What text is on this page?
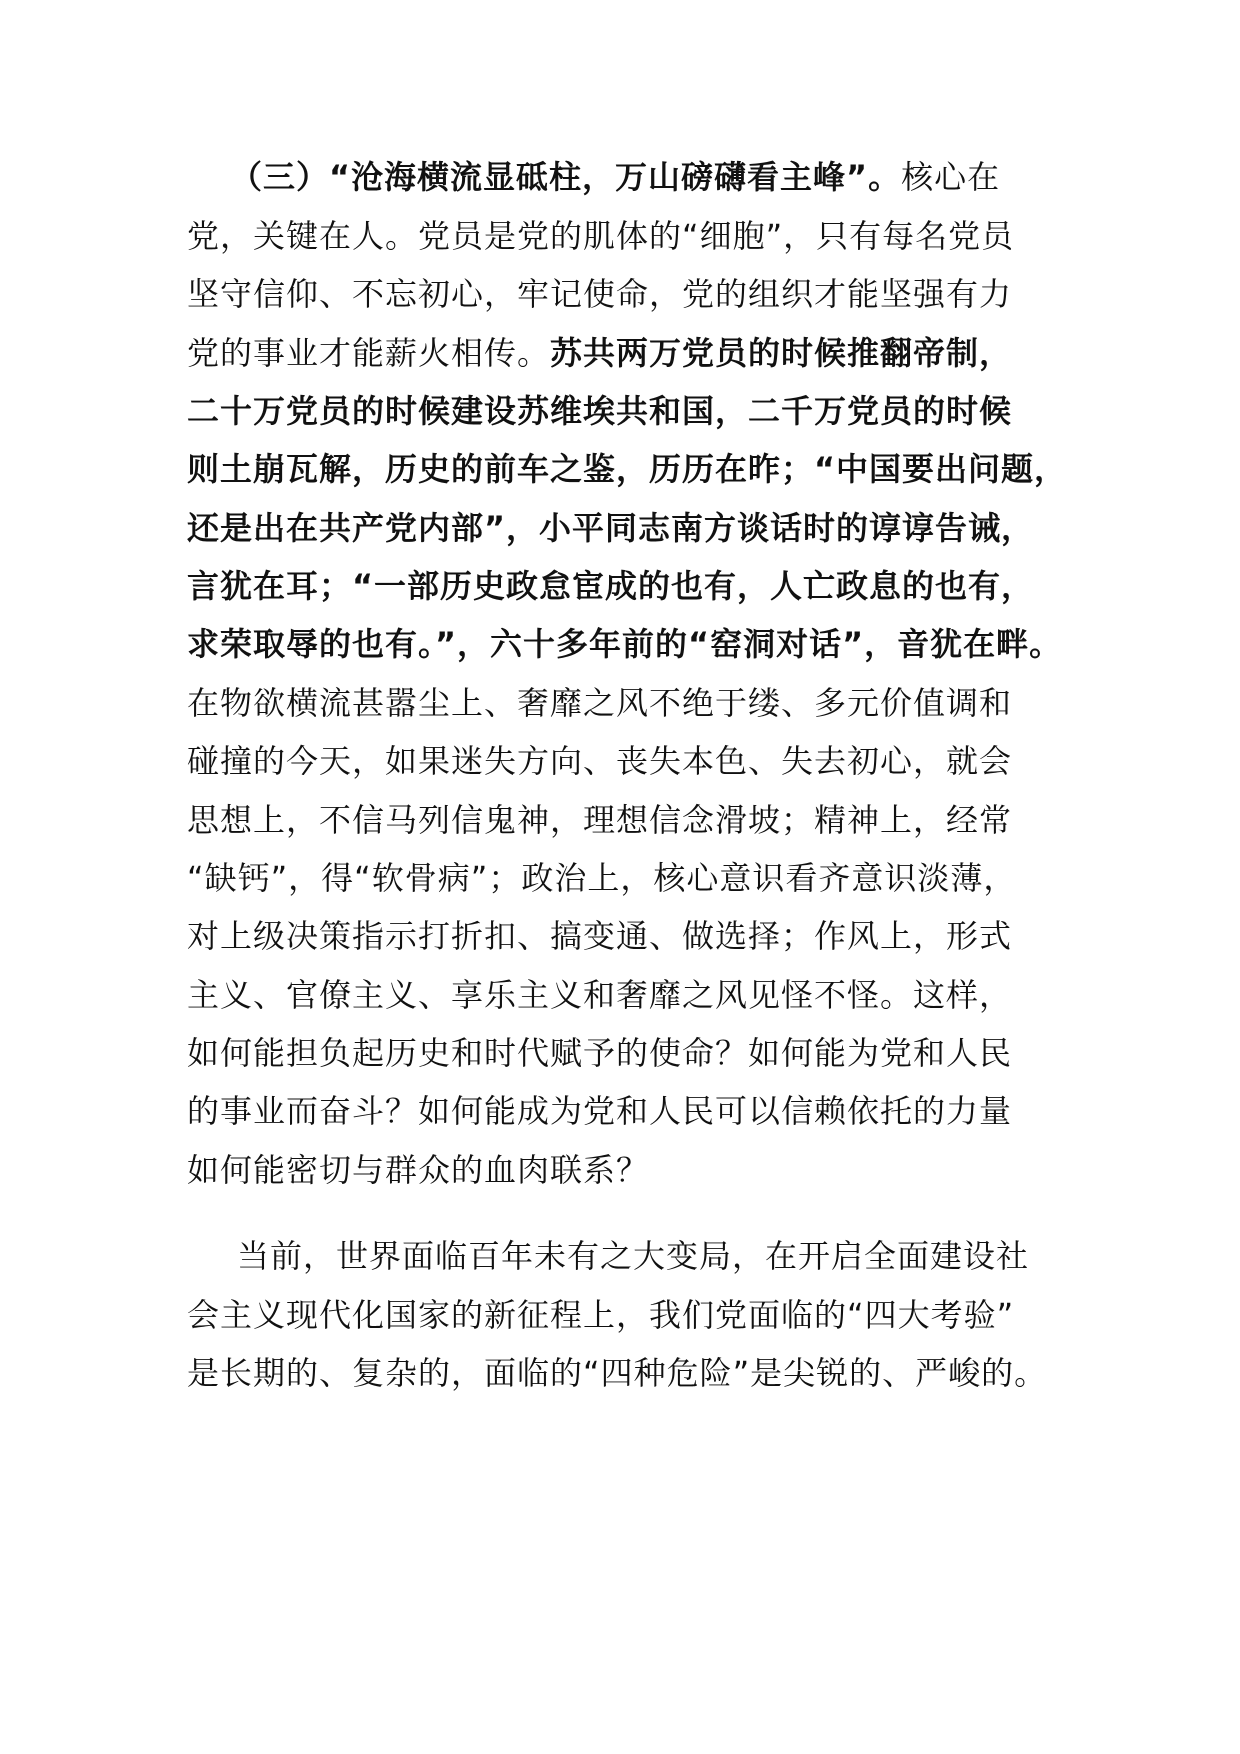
（三）“沧海横流显砥柱，万山磅礴看主峰”。核心在
党，关键在人。党员是党的肌体的“细胞”，只有每名党员
坚守信仰、不忘初心，牢记使命，党的组织才能坚强有力
党的事业才能薪火相传。苏共两万党员的时候推翻帝制，
二十万党员的时候建设苏维埃共和国，二千万党员的时候
则土崩瓦解，历史的前车之鉴，历历在昨；“中国要出问题，
还是出在共产党内部”，小平同志南方谈话时的谆谆告诫，
言犹在耳；“一部历史政怠宦成的也有，人亡政息的也有，
求荣取辱的也有。”，六十多年前的“窑洞对话”，音犹在畔。
在物欲横流甚嚣尘上、奢靡之风不绝于缕、多元价值调和
碰撞的今天，如果迷失方向、丧失本色、失去初心，就会
思想上，不信马列信鬼神，理想信念滑坡；精神上，经常
“缺钙”，得“软骨病”；政治上，核心意识看齐意识淡薄，
对上级决策指示打折扣、搞变通、做选择；作风上，形式
主义、官僚主义、享乐主义和奢靡之风见怪不怪。这样，
如何能担负起历史和时代赋予的使命？如何能为党和人民
的事业而奋斗？如何能成为党和人民可以信赖依托的力量
如何能密切与群众的血肉联系？
当前，世界面临百年未有之大变局，在开启全面建设社
会主义现代化国家的新征程上，我们党面临的“四大考验”
是长期的、复杂的，面临的“四种危险”是尖锐的、严峻的。
